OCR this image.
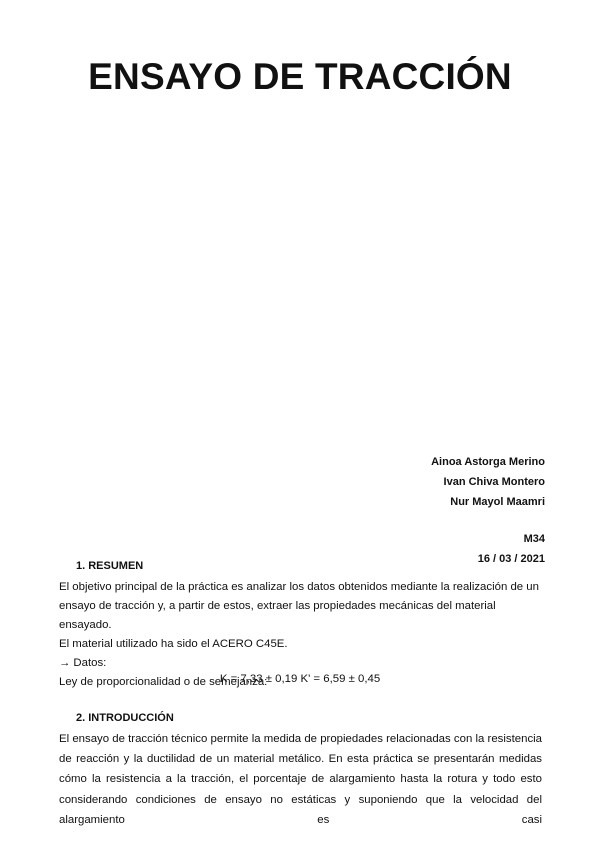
ENSAYO DE TRACCIÓN
Ainoa Astorga Merino
Ivan Chiva Montero
Nur Mayol Maamri
M34
16 / 03 / 2021
1. RESUMEN
El objetivo principal de la práctica es analizar los datos obtenidos mediante la realización de un
ensayo de tracción y, a partir de estos, extraer las propiedades mecánicas del material ensayado.
El material utilizado ha sido el ACERO C45E.
→ Datos:
Ley de proporcionalidad o de semejanza:
K = 7,33 ± 0,19 K' = 6,59 ± 0,45
2. INTRODUCCIÓN

El ensayo de tracción técnico permite la medida de propiedades relacionadas con la resistencia de reacción y la ductilidad de un material metálico. En esta práctica se presentarán medidas cómo la resistencia a la tracción, el porcentaje de alargamiento hasta la rotura y todo esto considerando condiciones de ensayo no estáticas y suponiendo que la velocidad del alargamiento es casi
